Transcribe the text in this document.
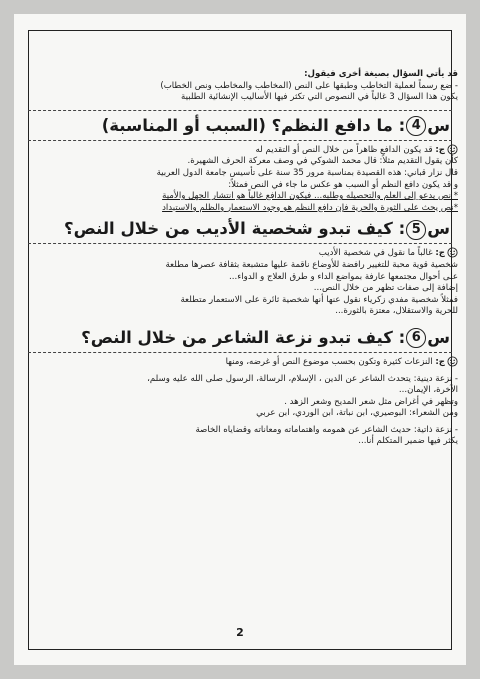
قد يأتي السؤال بصيغة أخرى فيقول:
- ضع رسماً لعملية التخاطب وطبقها على النص (المخاطب والمخاطب ونص الخطاب)
يكون هذا السؤال 3 غالباً في النصوص التي تكثر فيها الأساليب الإنشائية الطلبية
س4: ما دافع النظم؟ (السبب أو المناسبة)
ج: قد يكون الدافع ظاهراً من خلال النص أو التقديم له
كأن يقول التقديم مثلاً: قال محمد الشوكي في وصف معركة الحرف الشهيرة.
قال نزار قباني: هذه القصيدة بمناسبة مرور 35 سنة على تأسيس جامعة الدول العربية
و قد يكون دافع النظم أو السبب هو عكس ما جاء في النص فمثلاً:
* نص يدعو إلى العلم والتحصيله وطلبه... فيكون الدافع غالباً هو انتشار الجهل والأمية
*نص يحث على الثورة والحرية فإن دافع النظم هو وجود الاستعمار والظلم والاستبداد
س5: كيف تبدو شخصية الأديب من خلال النص؟
ج: غالباً ما نقول في شخصية الأديب
شخصية قوية محبة للتغيير رافضة للأوضاع ناقمة عليها متشبعة بثقافة عصرها مطلعة
على أحوال مجتمعها عارفة بمواضع الداء و طرق العلاج و الدواء...
إضافة إلى صفات تظهر من خلال النص...
فمثلاً شخصية مفدي زكرياء نقول عنها أنها شخصية ثائرة على الاستعمار متطلعة
للحرية والاستقلال، معتزة بالثورة...
س6: كيف تبدو نزعة الشاعر من خلال النص؟
ج: النزعات كثيرة وتكون بحسب موضوع النص أو غرضه، ومنها
- نزعة دينية: يتحدث الشاعر عن الدين ، الإسلام، الرسالة، الرسول صلى الله عليه وسلم،
الآخرة، الإيمان...
وتظهر في أغراض مثل شعر المديح وشعر الزهد .
ومن الشعراء: البوصيري، ابن نباتة، ابن الوردي، ابن عربي
- نزعة ذاتية: حديث الشاعر عن همومه واهتماماته ومعاناته وقضاياه الخاصة
يكثر فيها ضمير المتكلم أنا...
2
